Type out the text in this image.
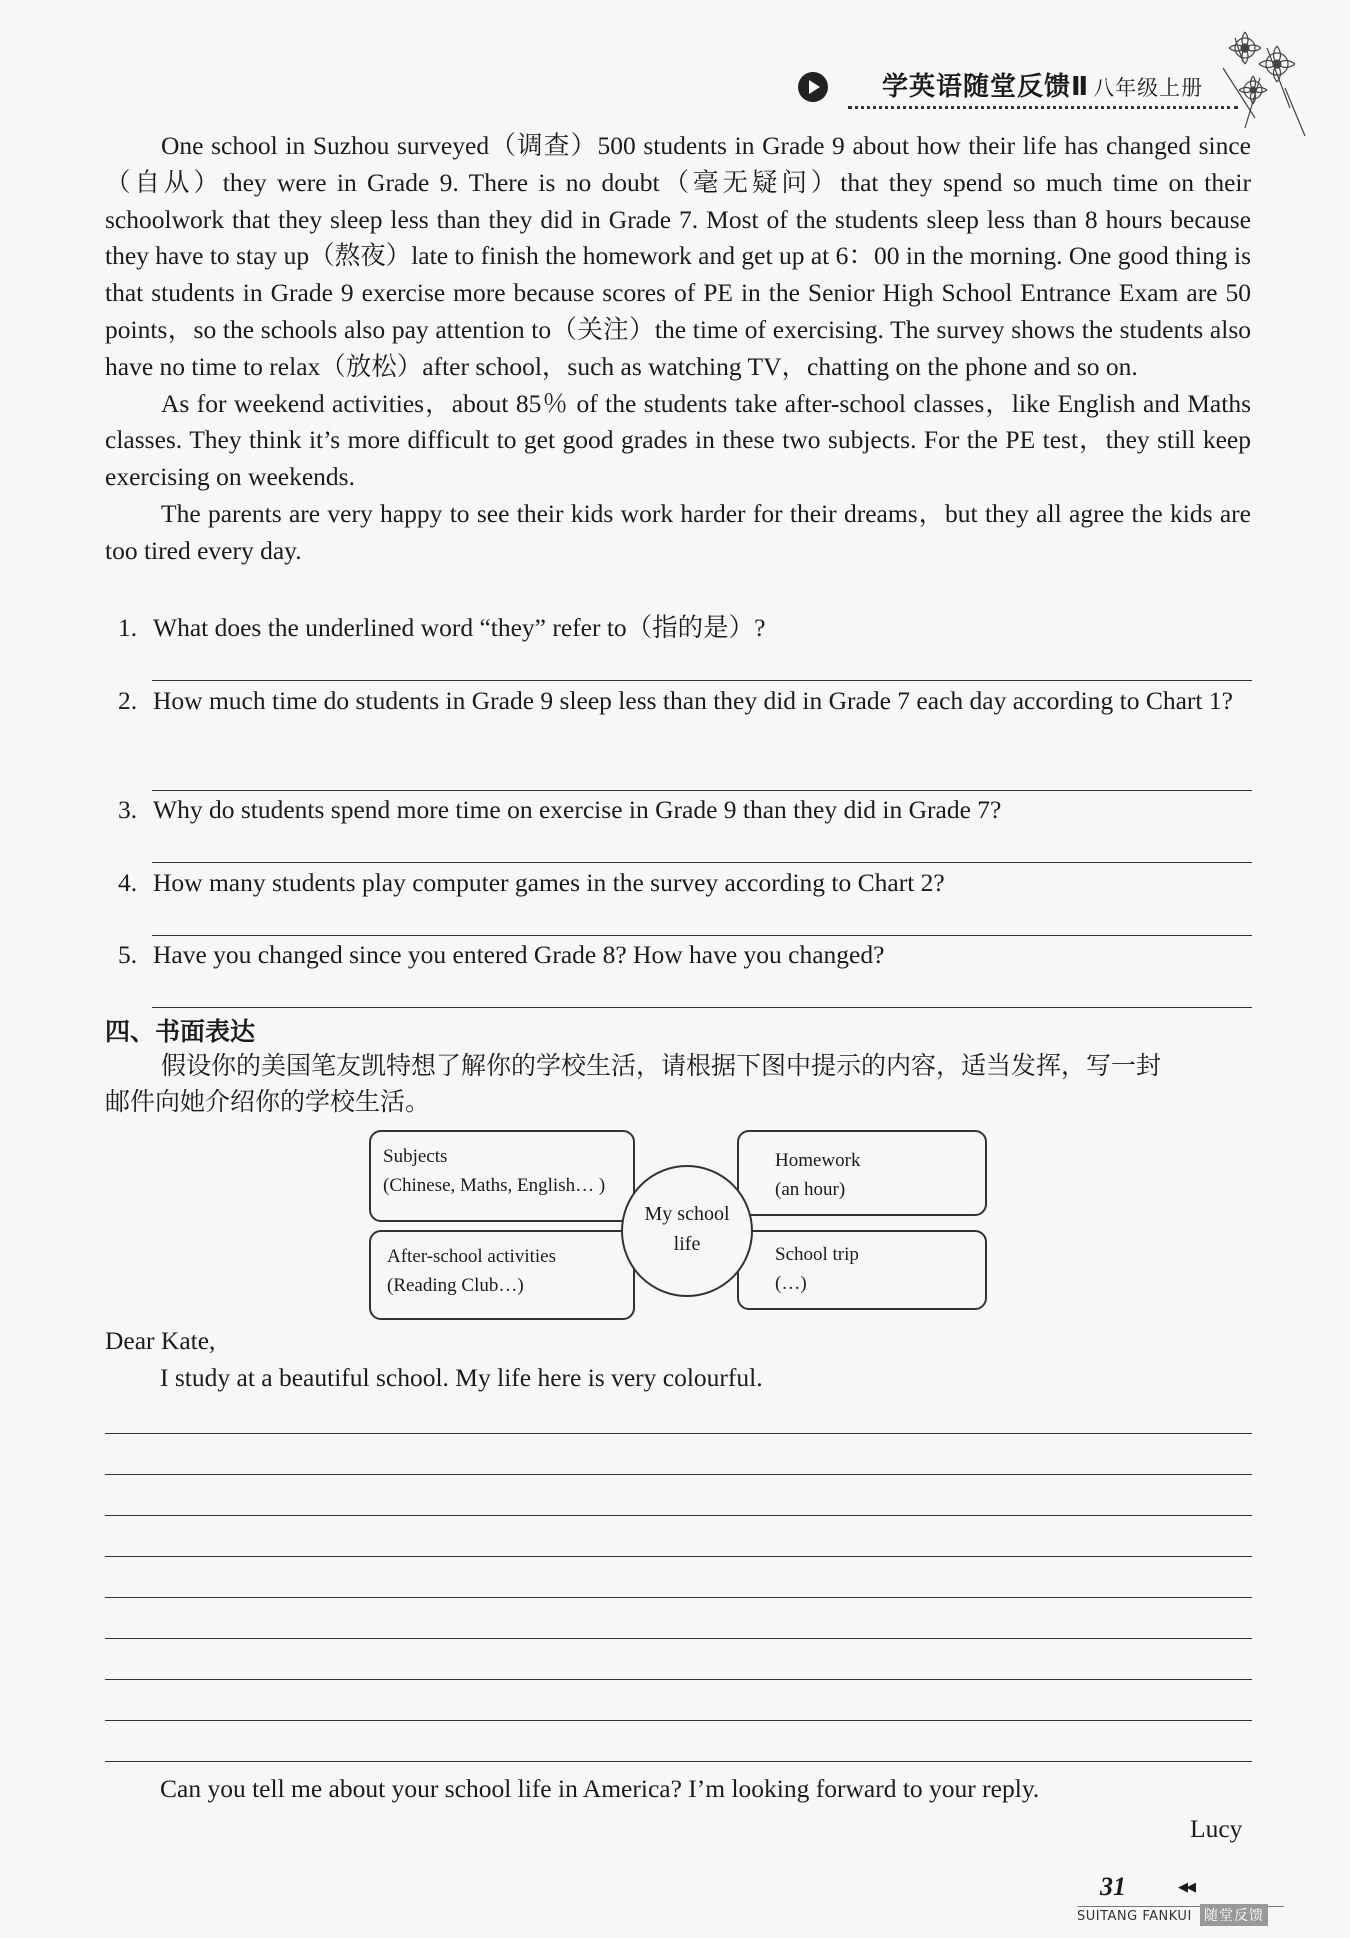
学英语随堂反馈Ⅱ 八年级上册

One school in Suzhou surveyed（调查）500 students in Grade 9 about how their life has changed since（自从）they were in Grade 9. There is no doubt（毫无疑问）that they spend so much time on their schoolwork that they sleep less than they did in Grade 7. Most of the students sleep less than 8 hours because they have to stay up（熬夜）late to finish the homework and get up at 6：00 in the morning. One good thing is that students in Grade 9 exercise more because scores of PE in the Senior High School Entrance Exam are 50 points，so the schools also pay attention to（关注）the time of exercising. The survey shows the students also have no time to relax（放松）after school，such as watching TV，chatting on the phone and so on.

As for weekend activities，about 85％ of the students take after-school classes，like English and Maths classes. They think it’s more difficult to get good grades in these two subjects. For the PE test，they still keep exercising on weekends.

The parents are very happy to see their kids work harder for their dreams，but they all agree the kids are too tired every day.

1. What does the underlined word “they” refer to（指的是）?
2. How much time do students in Grade 9 sleep less than they did in Grade 7 each day according to Chart 1?
3. Why do students spend more time on exercise in Grade 9 than they did in Grade 7?
4. How many students play computer games in the survey according to Chart 2?
5. Have you changed since you entered Grade 8? How have you changed?
四、书面表达
假设你的美国笔友凯特想了解你的学校生活，请根据下图中提示的内容，适当发挥，写一封
邮件向她介绍你的学校生活。
Subjects
(Chinese, Maths, English… )
After-school activities
(Reading Club…)
Homework
(an hour)
School trip
(…)
My school
life
Dear Kate,
I study at a beautiful school. My life here is very colourful.
Can you tell me about your school life in America? I’m looking forward to your reply.
Lucy
31	◀◀
SUITANG FANKUI 随堂反馈
